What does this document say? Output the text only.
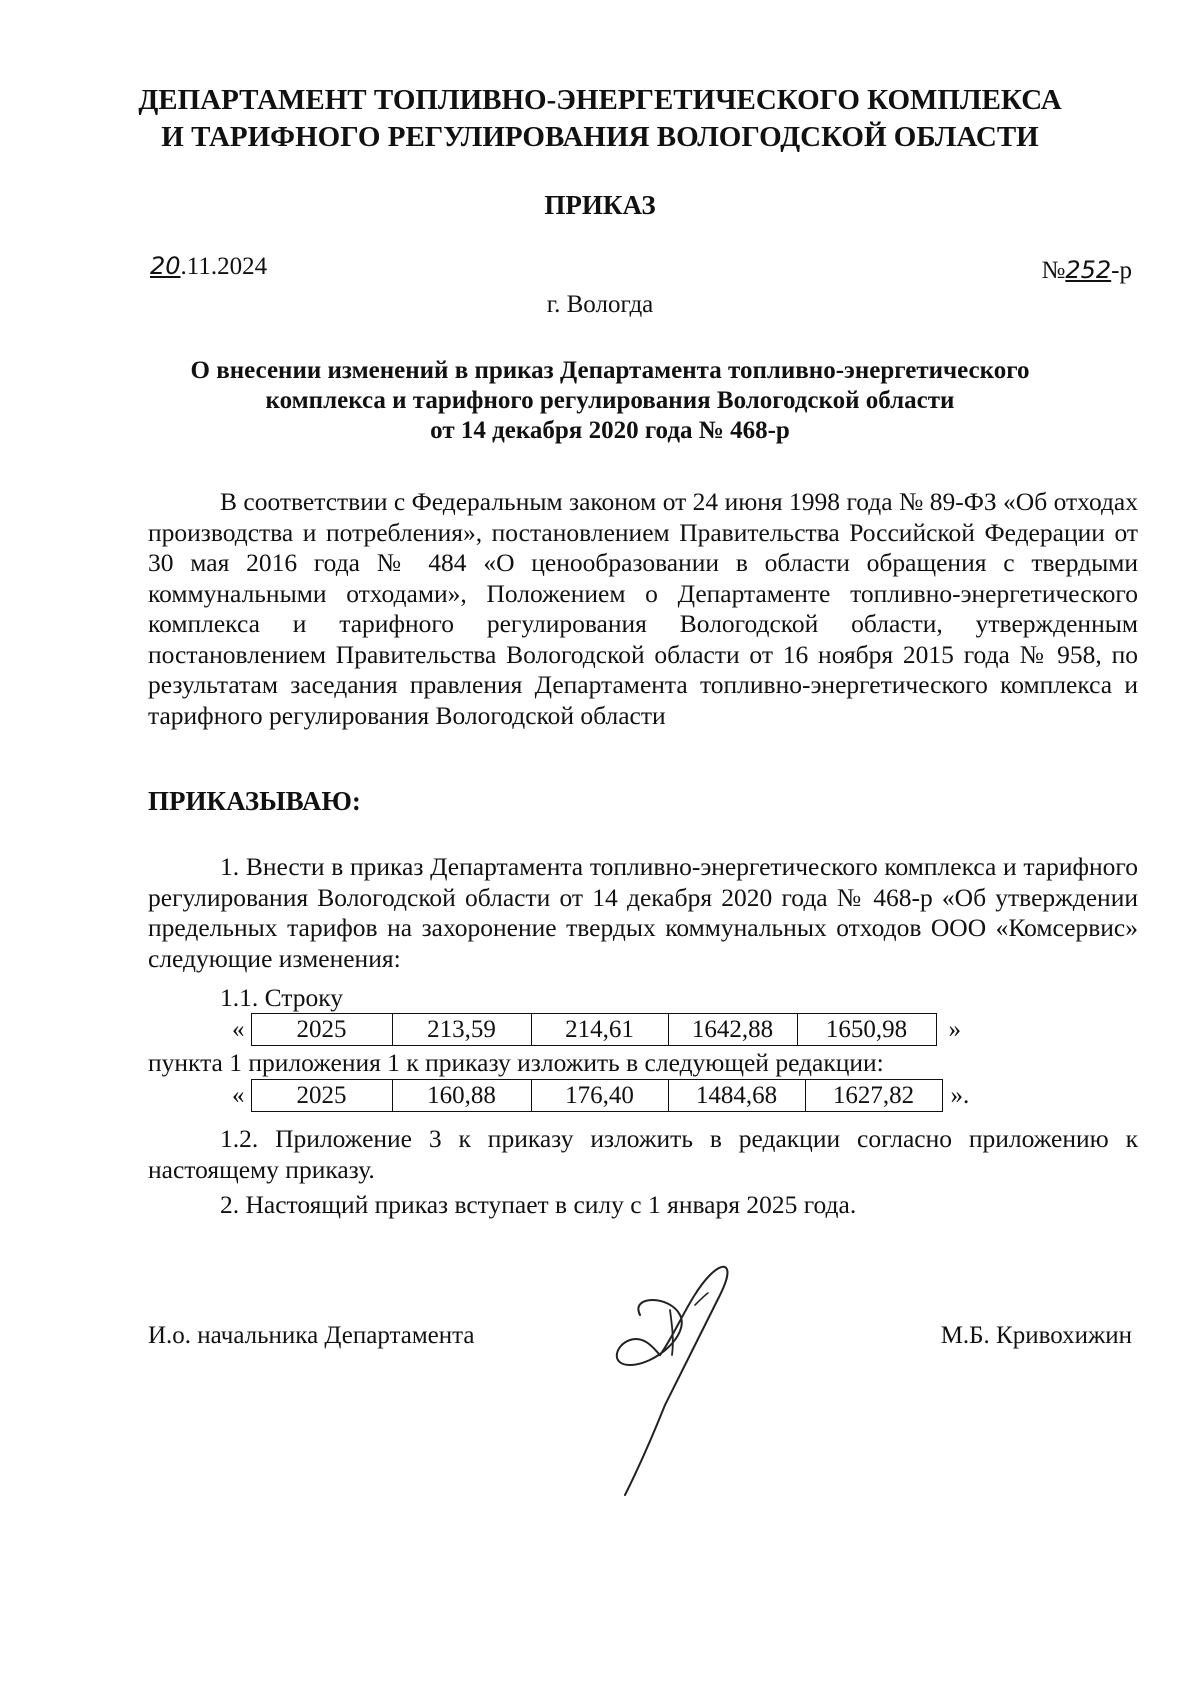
ДЕПАРТАМЕНТ ТОПЛИВНО-ЭНЕРГЕТИЧЕСКОГО КОМПЛЕКСА
И ТАРИФНОГО РЕГУЛИРОВАНИЯ ВОЛОГОДСКОЙ ОБЛАСТИ
ПРИКАЗ
20.11.2024	№252-р
г. Вологда
О внесении изменений в приказ Департамента топливно-энергетического
комплекса и тарифного регулирования Вологодской области
от 14 декабря 2020 года № 468-р
В соответствии с Федеральным законом от 24 июня 1998 года № 89-ФЗ «Об отходах производства и потребления», постановлением Правительства Российской Федерации от 30 мая 2016 года № 484 «О ценообразовании в области обращения с твердыми коммунальными отходами», Положением о Департаменте топливно-энергетического комплекса и тарифного регулирования Вологодской области, утвержденным постановлением Правительства Вологодской области от 16 ноября 2015 года № 958, по результатам заседания правления Департамента топливно-энергетического комплекса и тарифного регулирования Вологодской области
ПРИКАЗЫВАЮ:
1. Внести в приказ Департамента топливно-энергетического комплекса и тарифного регулирования Вологодской области от 14 декабря 2020 года № 468-р «Об утверждении предельных тарифов на захоронение твердых коммунальных отходов ООО «Комсервис» следующие изменения:
1.1. Строку
« 2025	213,59	214,61	1642,88	1650,98 »
пункта 1 приложения 1 к приказу изложить в следующей редакции:
« 2025	160,88	176,40	1484,68	1627,82 ».
1.2. Приложение 3 к приказу изложить в редакции согласно приложению к настоящему приказу.
2. Настоящий приказ вступает в силу с 1 января 2025 года.
И.о. начальника Департамента	М.Б. Кривохижин
